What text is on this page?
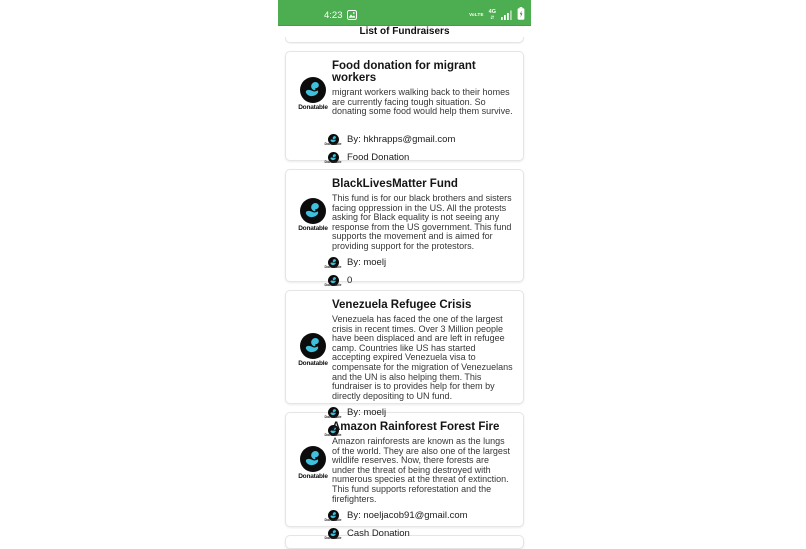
4:23	VoLTE 4G
⇵
List of Fundraisers
Donatable
Food donation for migrant workers
migrant workers walking back to their homes are currently facing tough situation. So donating some food would help them survive.
Donatable By: hkhrapps@gmail.com
Donatable Food Donation
Donatable
BlackLivesMatter Fund
This fund is for our black brothers and sisters facing oppression in the US. All the protests asking for Black equality is not seeing any response from the US government. This fund supports the movement and is aimed for providing support for the protestors.
Donatable By: moelj
Donatable 0
Donatable
Venezuela Refugee Crisis
Venezuela has faced the one of the largest crisis in recent times. Over 3 Million people have been displaced and are left in refugee camp. Countries like US has started accepting expired Venezuela visa to compensate for the migration of Venezuelans and the UN is also helping them. This fundraiser is to provides help for them by directly depositing to UN fund.
Donatable By: moelj
Donatable
Donatable
Amazon Rainforest Forest Fire
Amazon rainforests are known as the lungs of the world. They are also one of the largest wildlife reserves. Now, there forests are under the threat of being destroyed with numerous species at the threat of extinction. This fund supports reforestation and the firefighters.
Donatable By: noeljacob91@gmail.com
Donatable Cash Donation
